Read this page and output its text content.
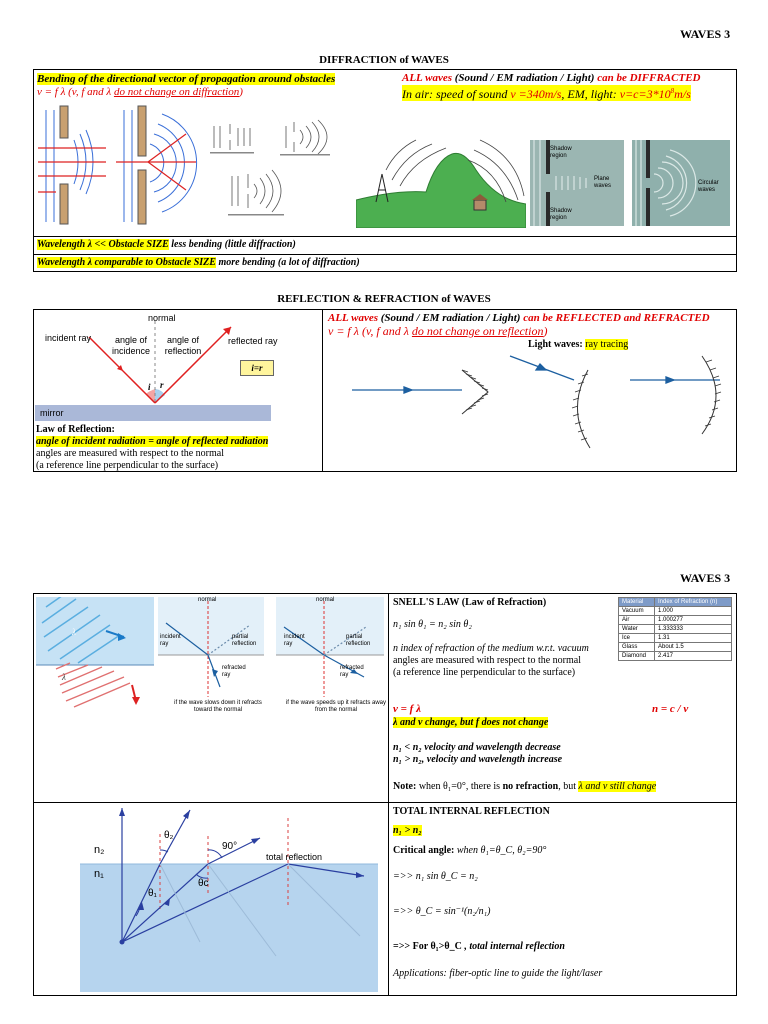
WAVES 3
DIFFRACTION of WAVES
Bending of the directional vector of propagation around obstacles
v = f λ (v, f and λ do not change on diffraction)
ALL waves (Sound / EM radiation / Light) can be DIFFRACTED
In air: speed of sound v =340m/s, EM, light: $v=c=3*10^8m/s$
Shadow region
Plane waves
Shadow region
Circular waves
Wavelength λ << Obstacle SIZE less bending (little diffraction)
Wavelength λ comparable to Obstacle SIZE more bending (a lot of diffraction)
REFLECTION & REFRACTION of WAVES
normal
incident ray	angle of incidence
angle of reflection
reflected ray
i r
i=r
mirror
Law of Reflection:
angle of incident radiation = angle of reflected radiation
angles are measured with respect to the normal
(a reference line perpendicular to the surface)
ALL waves (Sound / EM radiation / Light) can be REFLECTED and REFRACTED
v = f λ (v, f and λ do not change on reflection)
Light waves: ray tracing
WAVES 3
λ
λ
normal	normal
incident ray
incident ray
partial reflection
partial reflection
refracted ray
refracted ray
if the wave slows down it refracts toward the normal
if the wave speeds up it refracts away from the normal
SNELL'S LAW (Law of Refraction)
n₁ sin θ₁ = n₂ sin θ₂
n index of refraction of the medium w.r.t. vacuum
angles are measured with respect to the normal
(a reference line perpendicular to the surface)
v = f λ	n = c / v
λ and v change, but f does not change
n₁ < n₂ velocity and wavelength decrease
n₁ > n₂, velocity and wavelength increase
Note: when θ₁=0°, there is no refraction, but λ and v still change
Material	Index of Refraction (n)
Vacuum	1.000
Air	1.000277
Water	1.333333
Ice	1.31
Glass	About 1.5
Diamond	2.417
n₂
n₁
θ₂
θ₁
θc
90°
total reflection
TOTAL INTERNAL REFLECTION
n₁ > n₂
Critical angle: when θ₁=θ_C, θ₂=90°
=>> n₁ sin θ_C = n₂
=>> θ_C = sin⁻¹(n₂/n₁)
=>> For θ₁>θ_C , total internal reflection
Applications: fiber-optic line to guide the light/laser
